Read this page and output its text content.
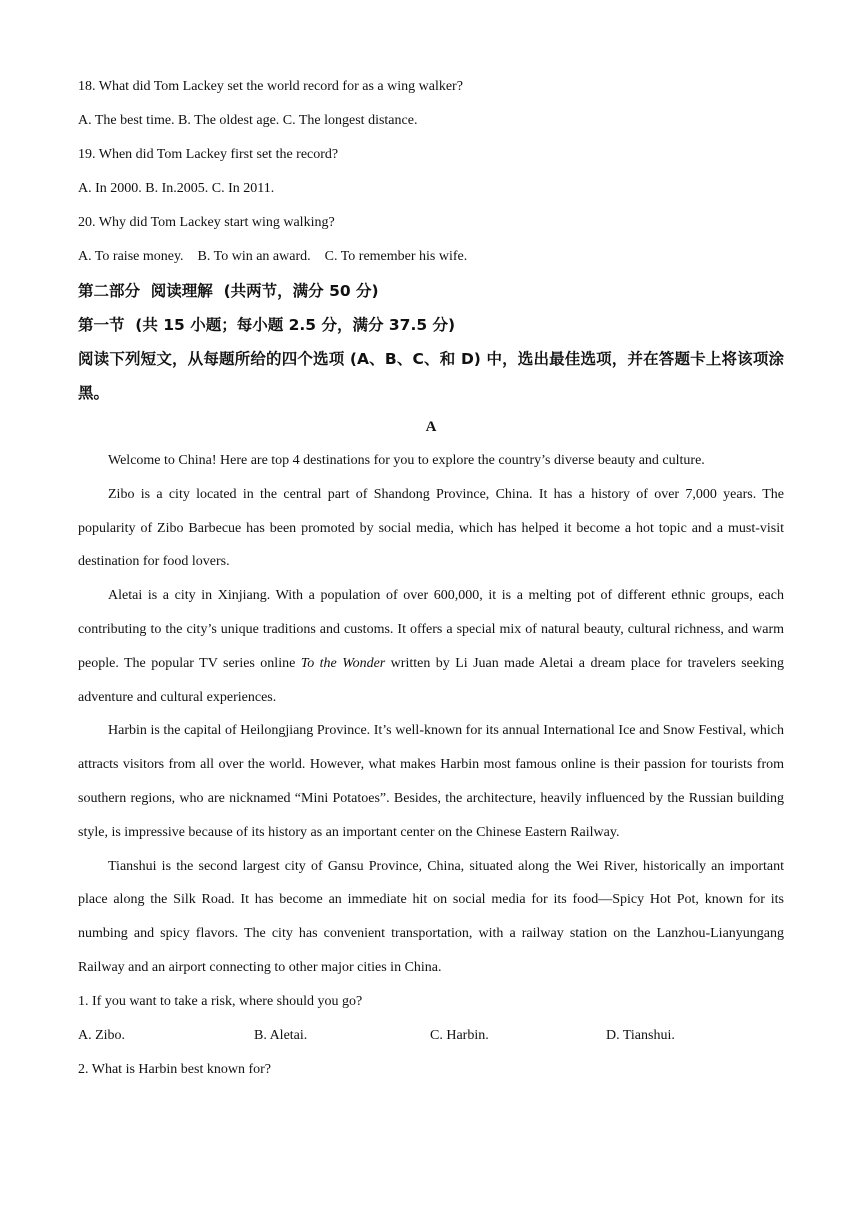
18. What did Tom Lackey set the world record for as a wing walker?

A. The best time. B. The oldest age. C. The longest distance.

19. When did Tom Lackey first set the record?

A. In 2000. B. In.2005. C. In 2011.

20. Why did Tom Lackey start wing walking?

A. To raise money.    B. To win an award.    C. To remember his wife.

第二部分  阅读理解  (共两节，满分 50 分)

第一节  (共 15 小题；每小题 2.5 分，满分 37.5 分)

阅读下列短文，从每题所给的四个选项 (A、B、C、和 D) 中，选出最佳选项，并在答题卡上将该项涂黑。

A

Welcome to China! Here are top 4 destinations for you to explore the country’s diverse beauty and culture.

Zibo is a city located in the central part of Shandong Province, China. It has a history of over 7,000 years. The popularity of Zibo Barbecue has been promoted by social media, which has helped it become a hot topic and a must-visit destination for food lovers.

Aletai is a city in Xinjiang. With a population of over 600,000, it is a melting pot of different ethnic groups, each contributing to the city’s unique traditions and customs. It offers a special mix of natural beauty, cultural richness, and warm people. The popular TV series online To the Wonder written by Li Juan made Aletai a dream place for travelers seeking adventure and cultural experiences.

Harbin is the capital of Heilongjiang Province. It’s well-known for its annual International Ice and Snow Festival, which attracts visitors from all over the world. However, what makes Harbin most famous online is their passion for tourists from southern regions, who are nicknamed “Mini Potatoes”. Besides, the architecture, heavily influenced by the Russian building style, is impressive because of its history as an important center on the Chinese Eastern Railway.

Tianshui is the second largest city of Gansu Province, China, situated along the Wei River, historically an important place along the Silk Road. It has become an immediate hit on social media for its food—Spicy Hot Pot, known for its numbing and spicy flavors. The city has convenient transportation, with a railway station on the Lanzhou-Lianyungang Railway and an airport connecting to other major cities in China.

1. If you want to take a risk, where should you go?

A. Zibo.	B. Aletai.	C. Harbin.	D. Tianshui.

2. What is Harbin best known for?
